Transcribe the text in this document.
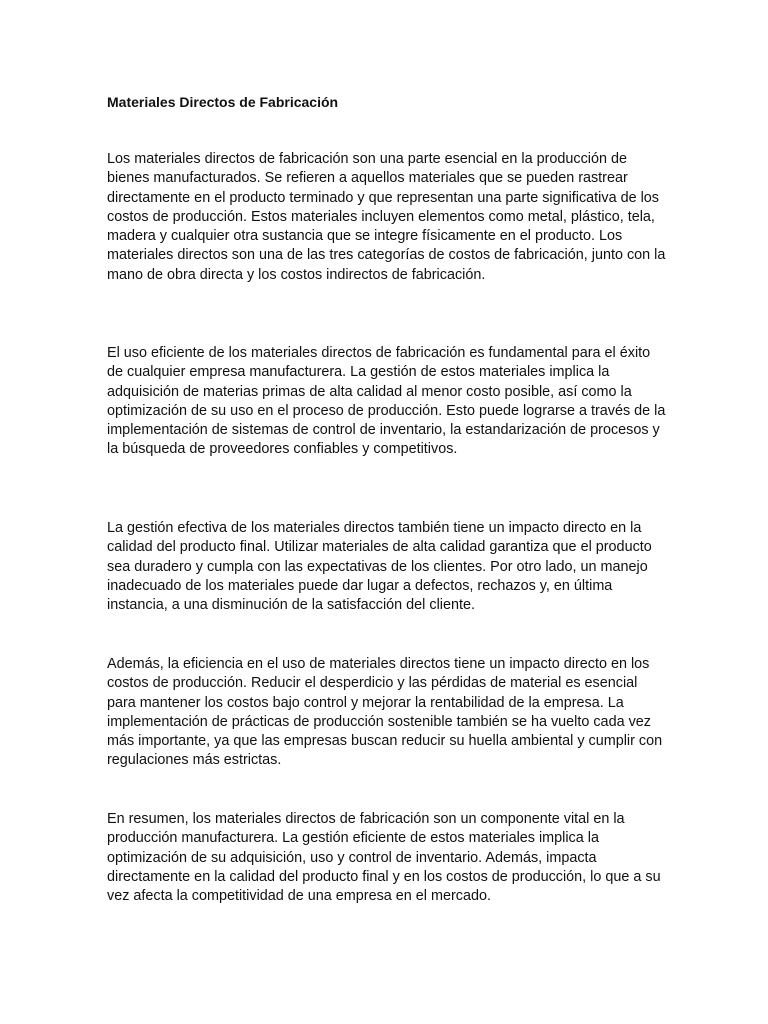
Materiales Directos de Fabricación

Los materiales directos de fabricación son una parte esencial en la producción de bienes manufacturados. Se refieren a aquellos materiales que se pueden rastrear directamente en el producto terminado y que representan una parte significativa de los costos de producción. Estos materiales incluyen elementos como metal, plástico, tela, madera y cualquier otra sustancia que se integre físicamente en el producto. Los materiales directos son una de las tres categorías de costos de fabricación, junto con la mano de obra directa y los costos indirectos de fabricación.

El uso eficiente de los materiales directos de fabricación es fundamental para el éxito de cualquier empresa manufacturera. La gestión de estos materiales implica la adquisición de materias primas de alta calidad al menor costo posible, así como la optimización de su uso en el proceso de producción. Esto puede lograrse a través de la implementación de sistemas de control de inventario, la estandarización de procesos y la búsqueda de proveedores confiables y competitivos.

La gestión efectiva de los materiales directos también tiene un impacto directo en la calidad del producto final. Utilizar materiales de alta calidad garantiza que el producto sea duradero y cumpla con las expectativas de los clientes. Por otro lado, un manejo inadecuado de los materiales puede dar lugar a defectos, rechazos y, en última instancia, a una disminución de la satisfacción del cliente.

Además, la eficiencia en el uso de materiales directos tiene un impacto directo en los costos de producción. Reducir el desperdicio y las pérdidas de material es esencial para mantener los costos bajo control y mejorar la rentabilidad de la empresa. La implementación de prácticas de producción sostenible también se ha vuelto cada vez más importante, ya que las empresas buscan reducir su huella ambiental y cumplir con regulaciones más estrictas.

En resumen, los materiales directos de fabricación son un componente vital en la producción manufacturera. La gestión eficiente de estos materiales implica la optimización de su adquisición, uso y control de inventario. Además, impacta directamente en la calidad del producto final y en los costos de producción, lo que a su vez afecta la competitividad de una empresa en el mercado.
